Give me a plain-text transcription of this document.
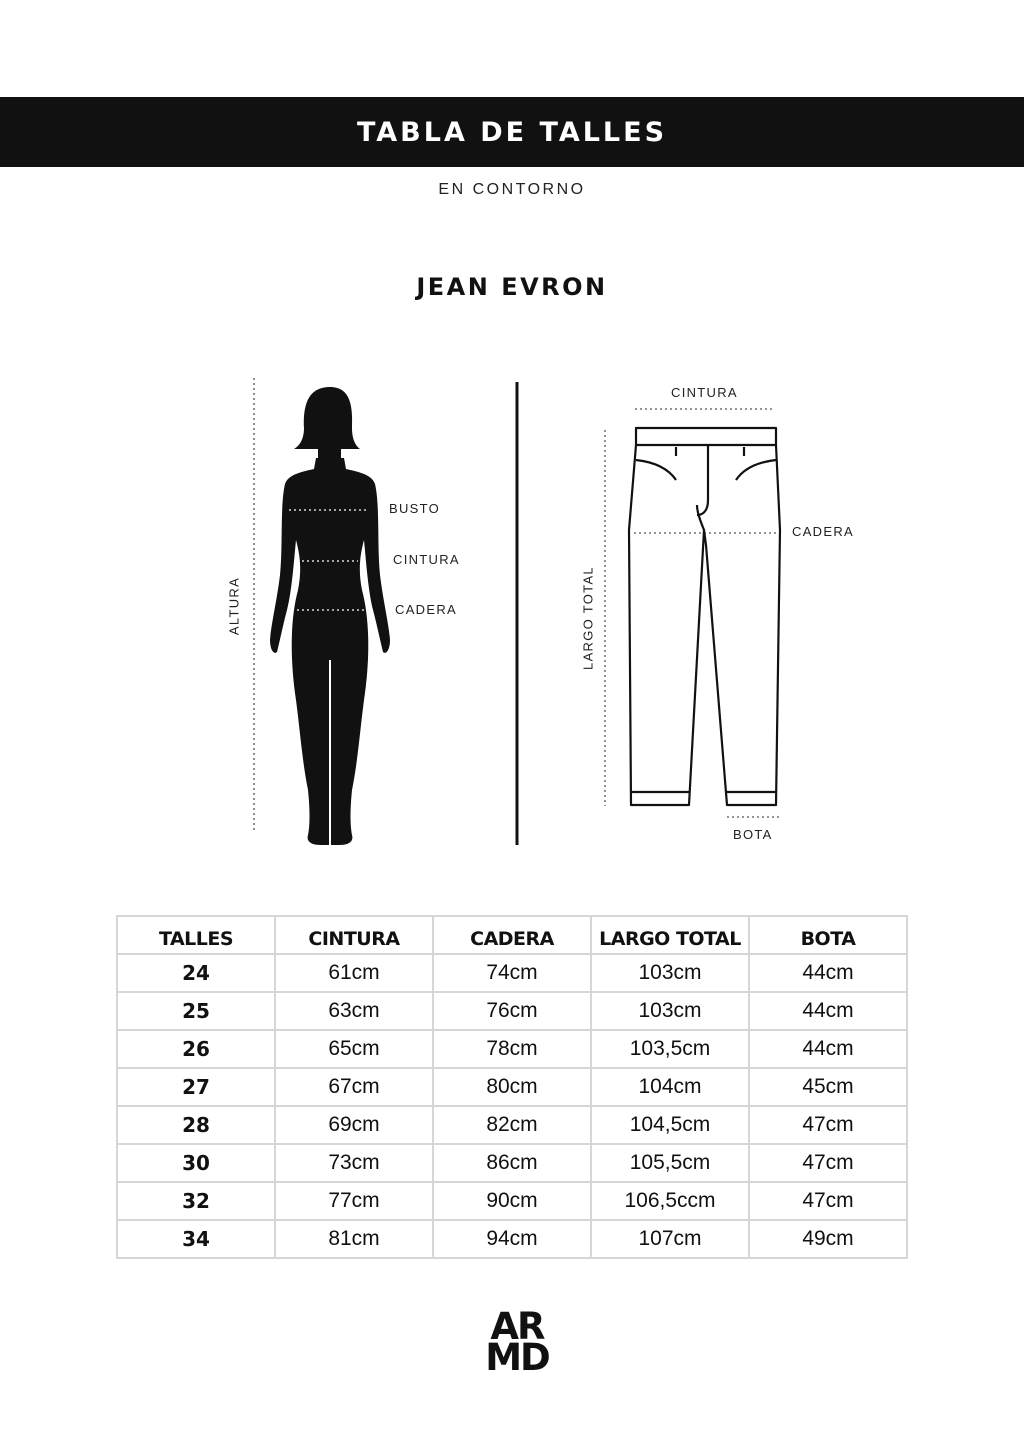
TABLA DE TALLES
EN CONTORNO
JEAN EVRON
ALTURA
BUSTO
CINTURA
CADERA
CINTURA
CADERA
LARGO TOTAL
BOTA
TALLES	CINTURA	CADERA	LARGO TOTAL	BOTA
24	61cm	74cm	103cm	44cm
25	63cm	76cm	103cm	44cm
26	65cm	78cm	103,5cm	44cm
27	67cm	80cm	104cm	45cm
28	69cm	82cm	104,5cm	47cm
30	73cm	86cm	105,5cm	47cm
32	77cm	90cm	106,5ccm	47cm
34	81cm	94cm	107cm	49cm
AR
MD
